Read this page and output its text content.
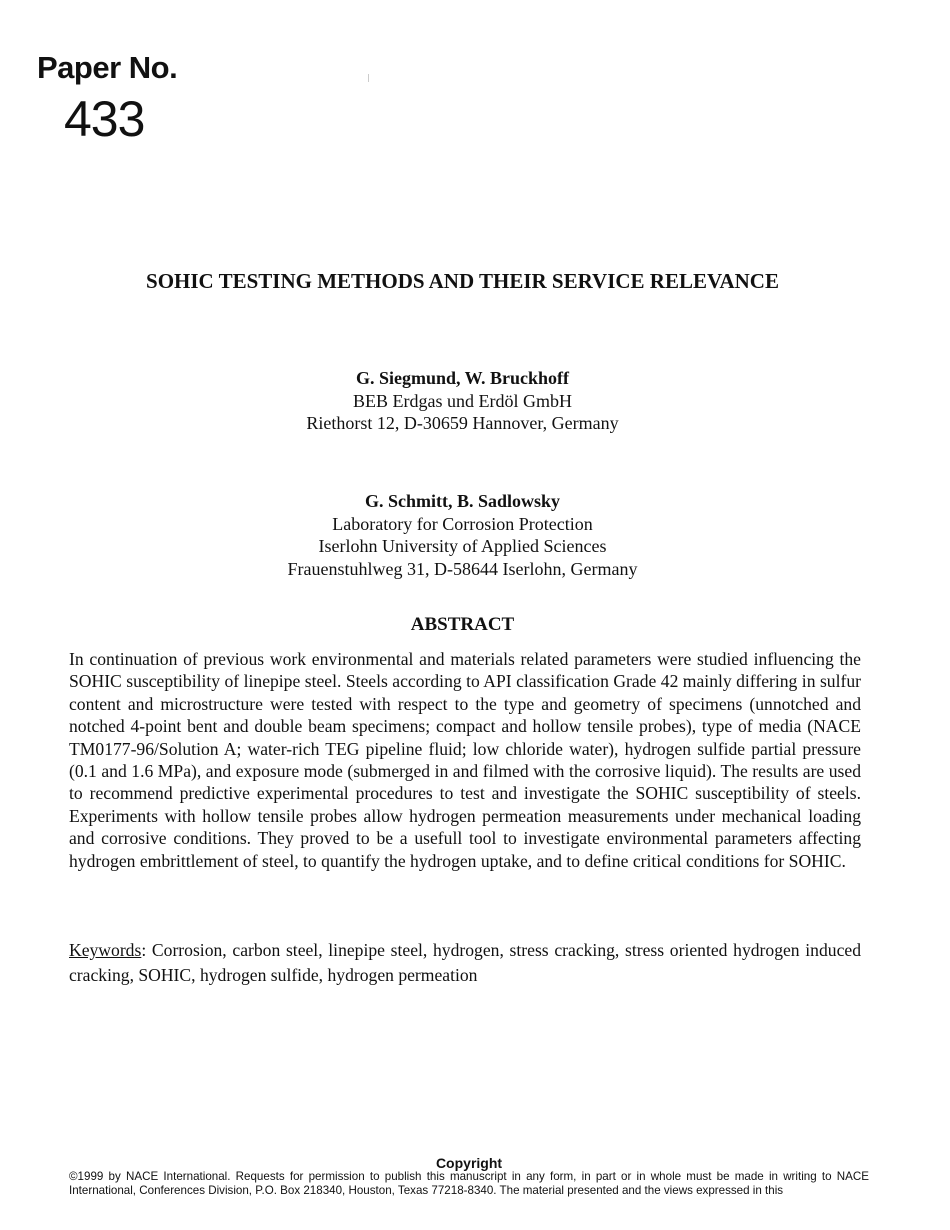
Paper No.
433
SOHIC TESTING METHODS AND THEIR SERVICE RELEVANCE
G. Siegmund, W. Bruckhoff
BEB Erdgas und Erdöl GmbH
Riethorst 12, D-30659 Hannover, Germany
G. Schmitt, B. Sadlowsky
Laboratory for Corrosion Protection
Iserlohn University of Applied Sciences
Frauenstuhlweg 31, D-58644 Iserlohn, Germany
ABSTRACT

In continuation of previous work environmental and materials related parameters were studied influencing the SOHIC susceptibility of linepipe steel. Steels according to API classification Grade 42 mainly differing in sulfur content and microstructure were tested with respect to the type and geometry of specimens (unnotched and notched 4-point bent and double beam specimens; compact and hollow tensile probes), type of media (NACE TM0177-96/Solution A; water-rich TEG pipeline fluid; low chloride water), hydrogen sulfide partial pressure (0.1 and 1.6 MPa), and exposure mode (submerged in and filmed with the corrosive liquid). The results are used to recommend predictive experimental procedures to test and investigate the SOHIC susceptibility of steels. Experiments with hollow tensile probes allow hydrogen permeation measurements under mechanical loading and corrosive conditions. They proved to be a usefull tool to investigate environmental parameters affecting hydrogen embrittlement of steel, to quantify the hydrogen uptake, and to define critical conditions for SOHIC.

Keywords: Corrosion, carbon steel, linepipe steel, hydrogen, stress cracking, stress oriented hydrogen induced cracking, SOHIC, hydrogen sulfide, hydrogen permeation

Copyright

©1999 by NACE International. Requests for permission to publish this manuscript in any form, in part or in whole must be made in writing to NACE International, Conferences Division, P.O. Box 218340, Houston, Texas 77218-8340. The material presented and the views expressed in this
